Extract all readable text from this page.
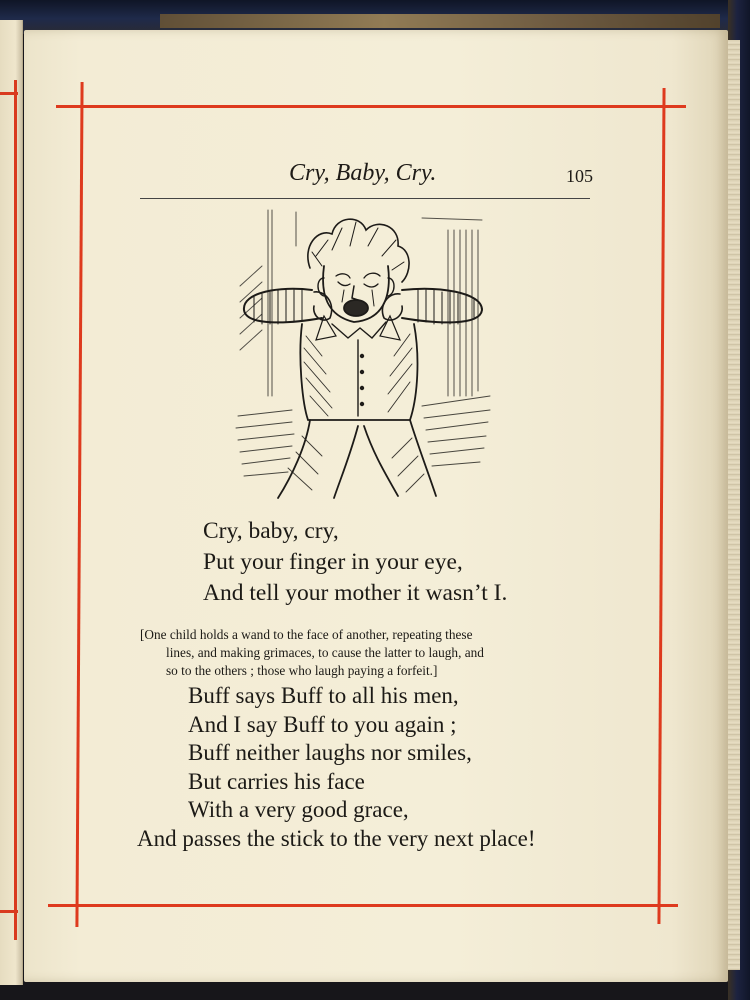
Cry, Baby, Cry.	105
Cry, baby, cry,
Put your finger in your eye,
And tell your mother it wasn’t I.
[One child holds a wand to the face of another, repeating these
lines, and making grimaces, to cause the latter to laugh, and
so to the others ; those who laugh paying a forfeit.]
Buff says Buff to all his men,
And I say Buff to you again ;
Buff neither laughs nor smiles,
But carries his face
With a very good grace,
And passes the stick to the very next place!
